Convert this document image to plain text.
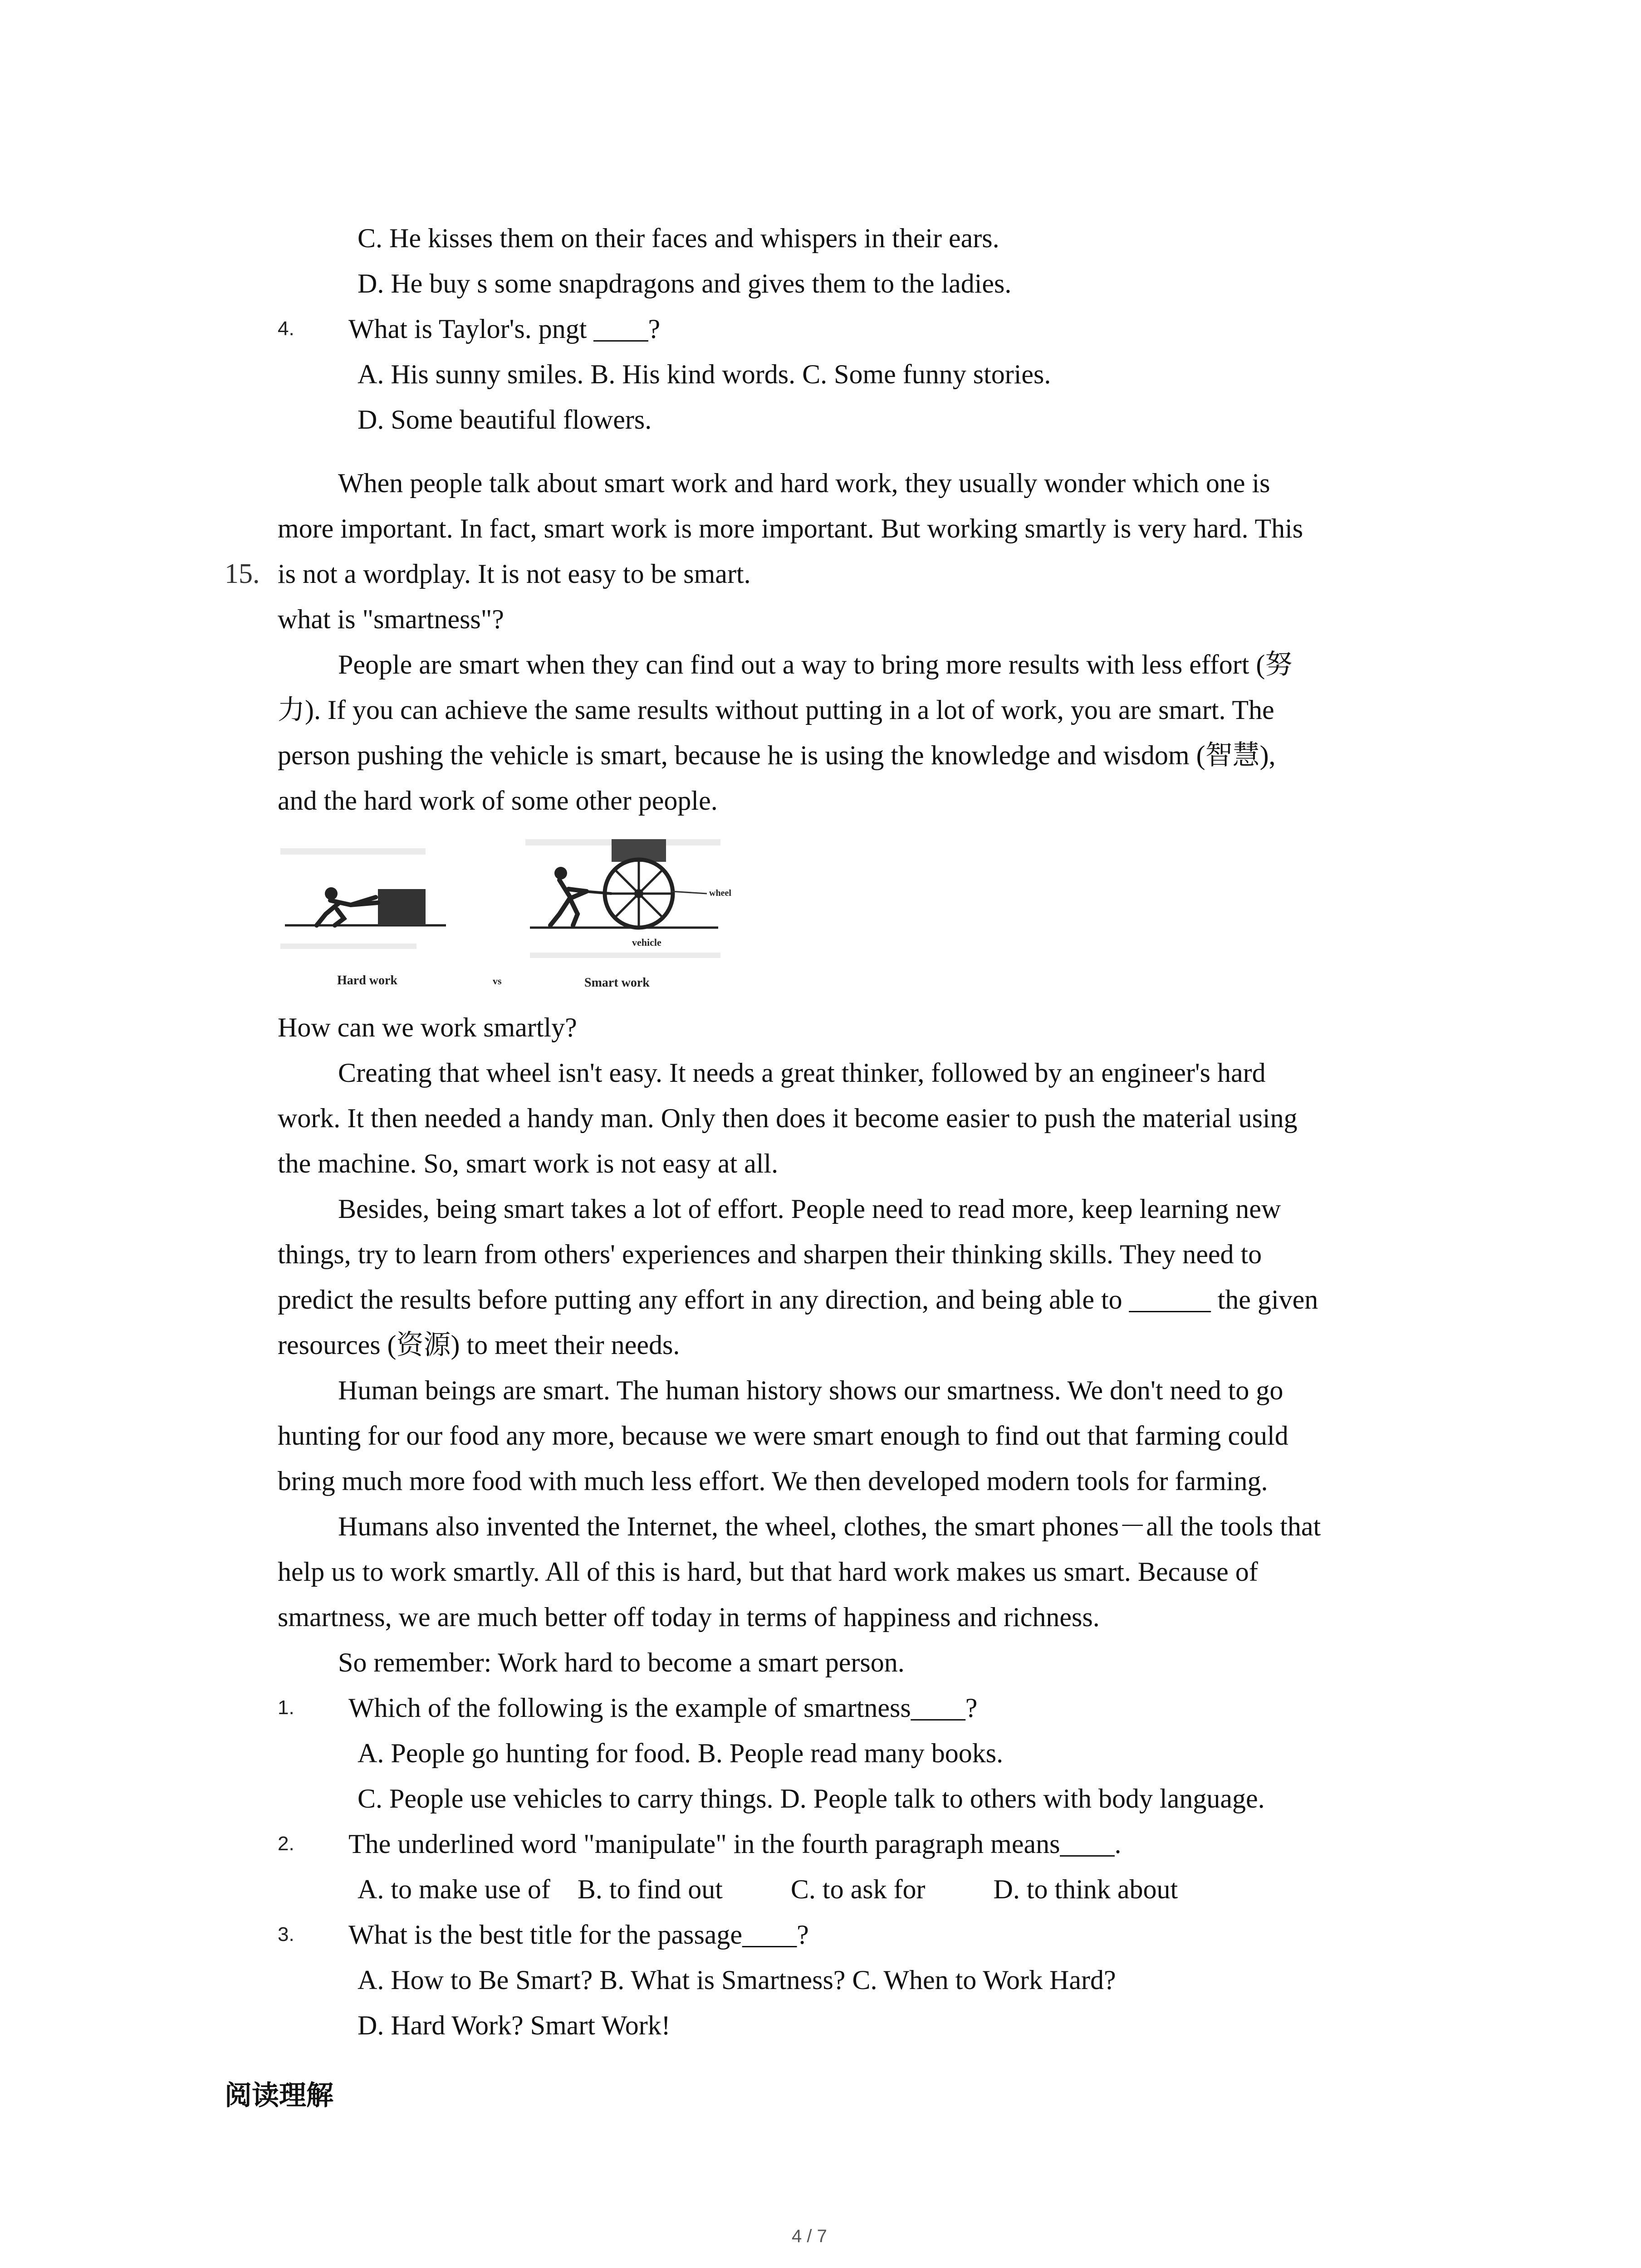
C. He kisses them on their faces and whispers in their ears.
D. He buy s some snapdragons and gives them to the ladies.
4. What is Taylor's. pngt ____?
A. His sunny smiles. B. His kind words. C. Some funny stories.
D. Some beautiful flowers.
When people talk about smart work and hard work, they usually wonder which one is
more important. In fact, smart work is more important. But working smartly is very hard. This
15. is not a wordplay. It is not easy to be smart.
what is "smartness"?
People are smart when they can find out a way to bring more results with less effort (努
力). If you can achieve the same results without putting in a lot of work, you are smart. The
person pushing the vehicle is smart, because he is using the knowledge and wisdom (智慧),
and the hard work of some other people.
wheel
vehicle
Hard work	vs	Smart work
How can we work smartly?
Creating that wheel isn't easy. It needs a great thinker, followed by an engineer's hard
work. It then needed a handy man. Only then does it become easier to push the material using
the machine. So, smart work is not easy at all.
Besides, being smart takes a lot of effort. People need to read more, keep learning new
things, try to learn from others' experiences and sharpen their thinking skills. They need to
predict the results before putting any effort in any direction, and being able to ______ the given
resources (资源) to meet their needs.
Human beings are smart. The human history shows our smartness. We don't need to go
hunting for our food any more, because we were smart enough to find out that farming could
bring much more food with much less effort. We then developed modern tools for farming.
Humans also invented the Internet, the wheel, clothes, the smart phones－all the tools that
help us to work smartly. All of this is hard, but that hard work makes us smart. Because of
smartness, we are much better off today in terms of happiness and richness.
So remember: Work hard to become a smart person.
1. Which of the following is the example of smartness____?
A. People go hunting for food. B. People read many books.
C. People use vehicles to carry things. D. People talk to others with body language.
2. The underlined word "manipulate" in the fourth paragraph means____.
A. to make use of    B. to find out          C. to ask for          D. to think about
3. What is the best title for the passage____?
A. How to Be Smart? B. What is Smartness? C. When to Work Hard?
D. Hard Work? Smart Work!
阅读理解
4 / 7
